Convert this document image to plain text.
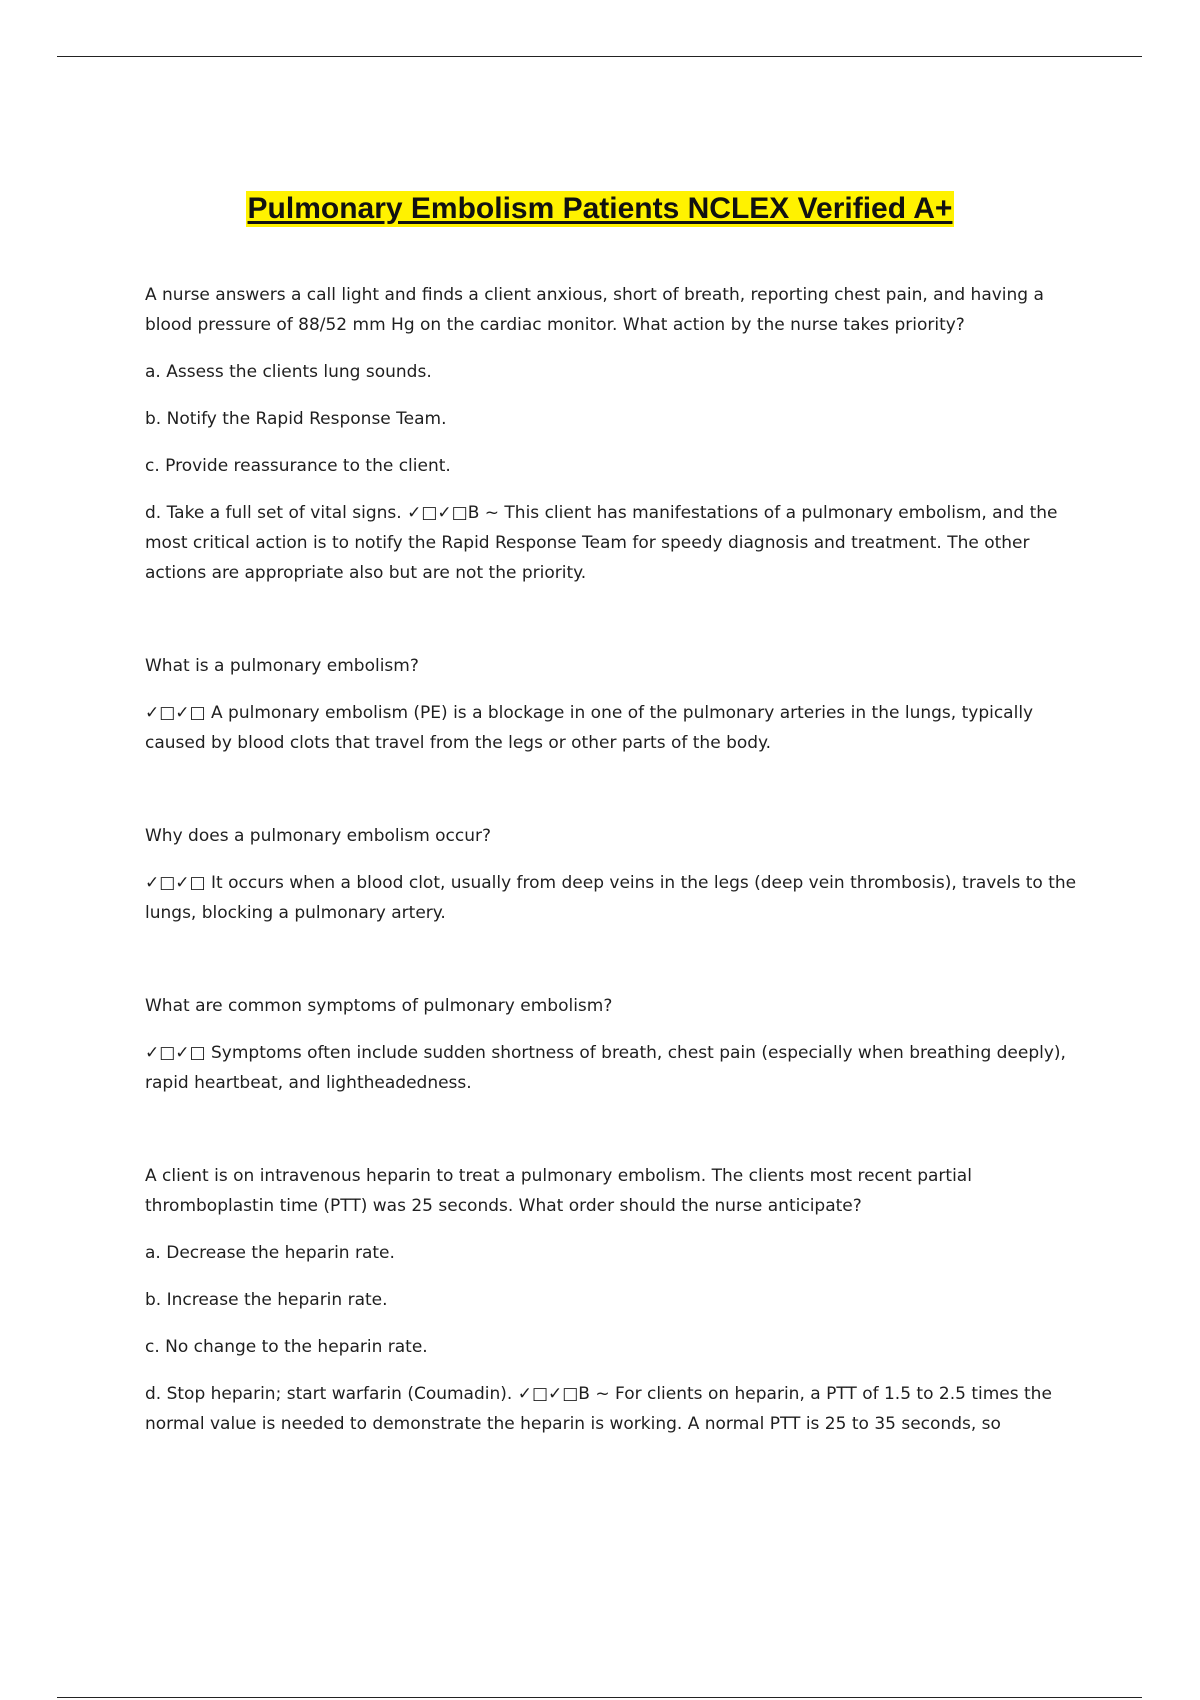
Pulmonary Embolism Patients NCLEX Verified A+

A nurse answers a call light and finds a client anxious, short of breath, reporting chest pain, and having a blood pressure of 88/52 mm Hg on the cardiac monitor. What action by the nurse takes priority?

a. Assess the clients lung sounds.

b. Notify the Rapid Response Team.

c. Provide reassurance to the client.

d. Take a full set of vital signs. ✓□✓□B ~ This client has manifestations of a pulmonary embolism, and the most critical action is to notify the Rapid Response Team for speedy diagnosis and treatment. The other actions are appropriate also but are not the priority.

What is a pulmonary embolism?

✓□✓□ A pulmonary embolism (PE) is a blockage in one of the pulmonary arteries in the lungs, typically caused by blood clots that travel from the legs or other parts of the body.

Why does a pulmonary embolism occur?

✓□✓□ It occurs when a blood clot, usually from deep veins in the legs (deep vein thrombosis), travels to the lungs, blocking a pulmonary artery.

What are common symptoms of pulmonary embolism?

✓□✓□ Symptoms often include sudden shortness of breath, chest pain (especially when breathing deeply), rapid heartbeat, and lightheadedness.

A client is on intravenous heparin to treat a pulmonary embolism. The clients most recent partial thromboplastin time (PTT) was 25 seconds. What order should the nurse anticipate?

a. Decrease the heparin rate.

b. Increase the heparin rate.

c. No change to the heparin rate.

d. Stop heparin; start warfarin (Coumadin). ✓□✓□B ~ For clients on heparin, a PTT of 1.5 to 2.5 times the normal value is needed to demonstrate the heparin is working. A normal PTT is 25 to 35 seconds, so
